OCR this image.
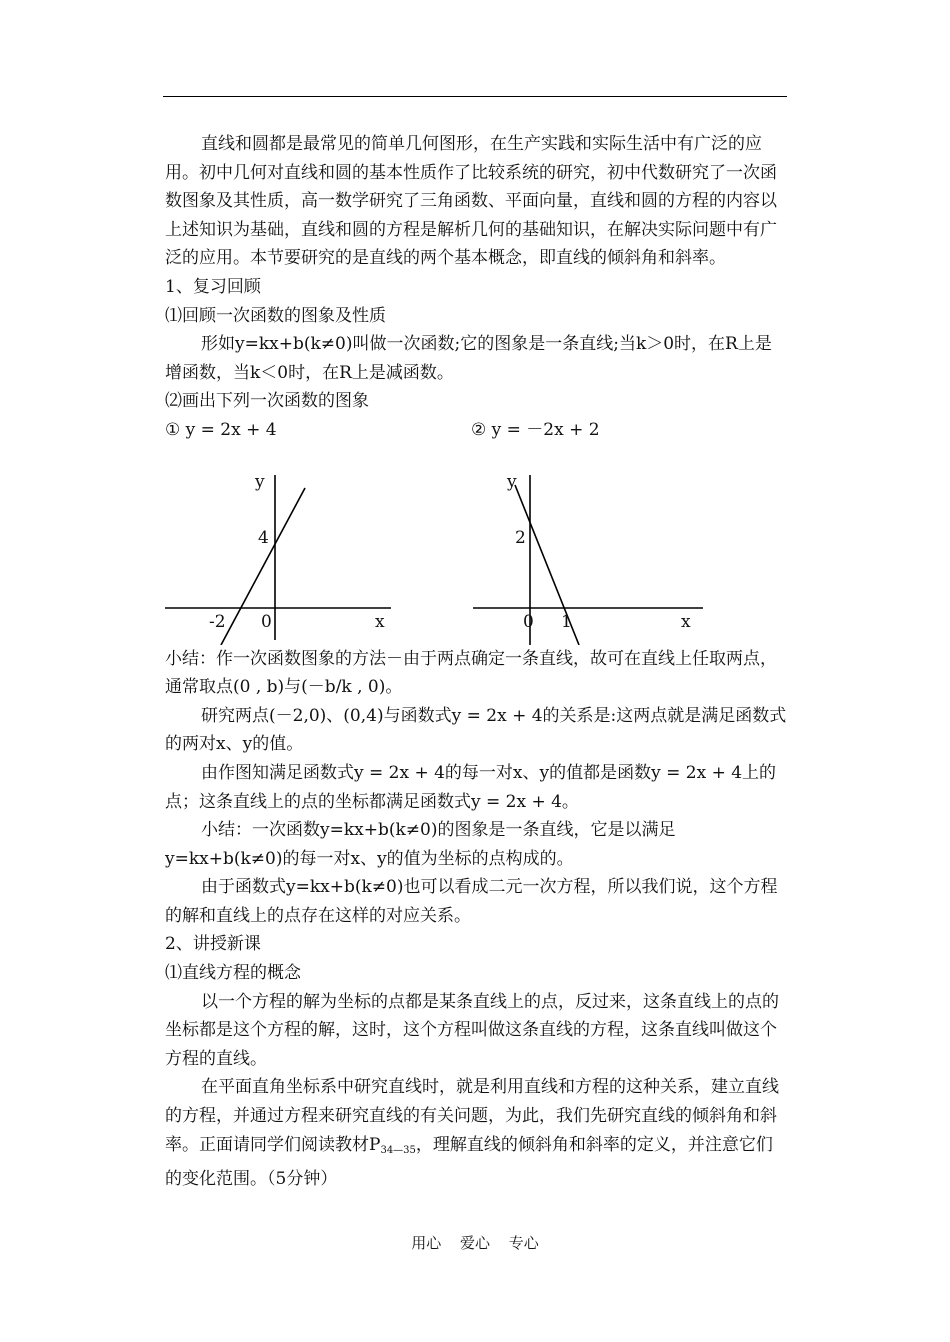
直线和圆都是最常见的简单几何图形，在生产实践和实际生活中有广泛的应用。初中几何对直线和圆的基本性质作了比较系统的研究，初中代数研究了一次函数图象及其性质，高一数学研究了三角函数、平面向量，直线和圆的方程的内容以上述知识为基础，直线和圆的方程是解析几何的基础知识，在解决实际问题中有广泛的应用。本节要研究的是直线的两个基本概念，即直线的倾斜角和斜率。

1、复习回顾

⑴回顾一次函数的图象及性质

形如y=kx+b(k≠0)叫做一次函数;它的图象是一条直线;当k＞0时，在R上是增函数，当k＜0时，在R上是减函数。

⑵画出下列一次函数的图象

① y = 2x + 4	② y = －2x + 2
y
x
4
-2 0
y
x
2
1
0

小结：作一次函数图象的方法－由于两点确定一条直线，故可在直线上任取两点，通常取点(0 , b)与(－b/k , 0)。

研究两点(－2,0)、(0,4)与函数式y = 2x + 4的关系是:这两点就是满足函数式的两对x、y的值。

由作图知满足函数式y = 2x + 4的每一对x、y的值都是函数y = 2x + 4上的点；这条直线上的点的坐标都满足函数式y = 2x + 4。

小结：一次函数y=kx+b(k≠0)的图象是一条直线，它是以满足y=kx+b(k≠0)的每一对x、y的值为坐标的点构成的。

由于函数式y=kx+b(k≠0)也可以看成二元一次方程，所以我们说，这个方程的解和直线上的点存在这样的对应关系。

2、讲授新课

⑴直线方程的概念

以一个方程的解为坐标的点都是某条直线上的点，反过来，这条直线上的点的坐标都是这个方程的解，这时，这个方程叫做这条直线的方程，这条直线叫做这个方程的直线。

在平面直角坐标系中研究直线时，就是利用直线和方程的这种关系，建立直线的方程，并通过方程来研究直线的有关问题，为此，我们先研究直线的倾斜角和斜率。正面请同学们阅读教材$P_{34—35}$，理解直线的倾斜角和斜率的定义，并注意它们的变化范围。（5分钟）

用心 爱心 专心
